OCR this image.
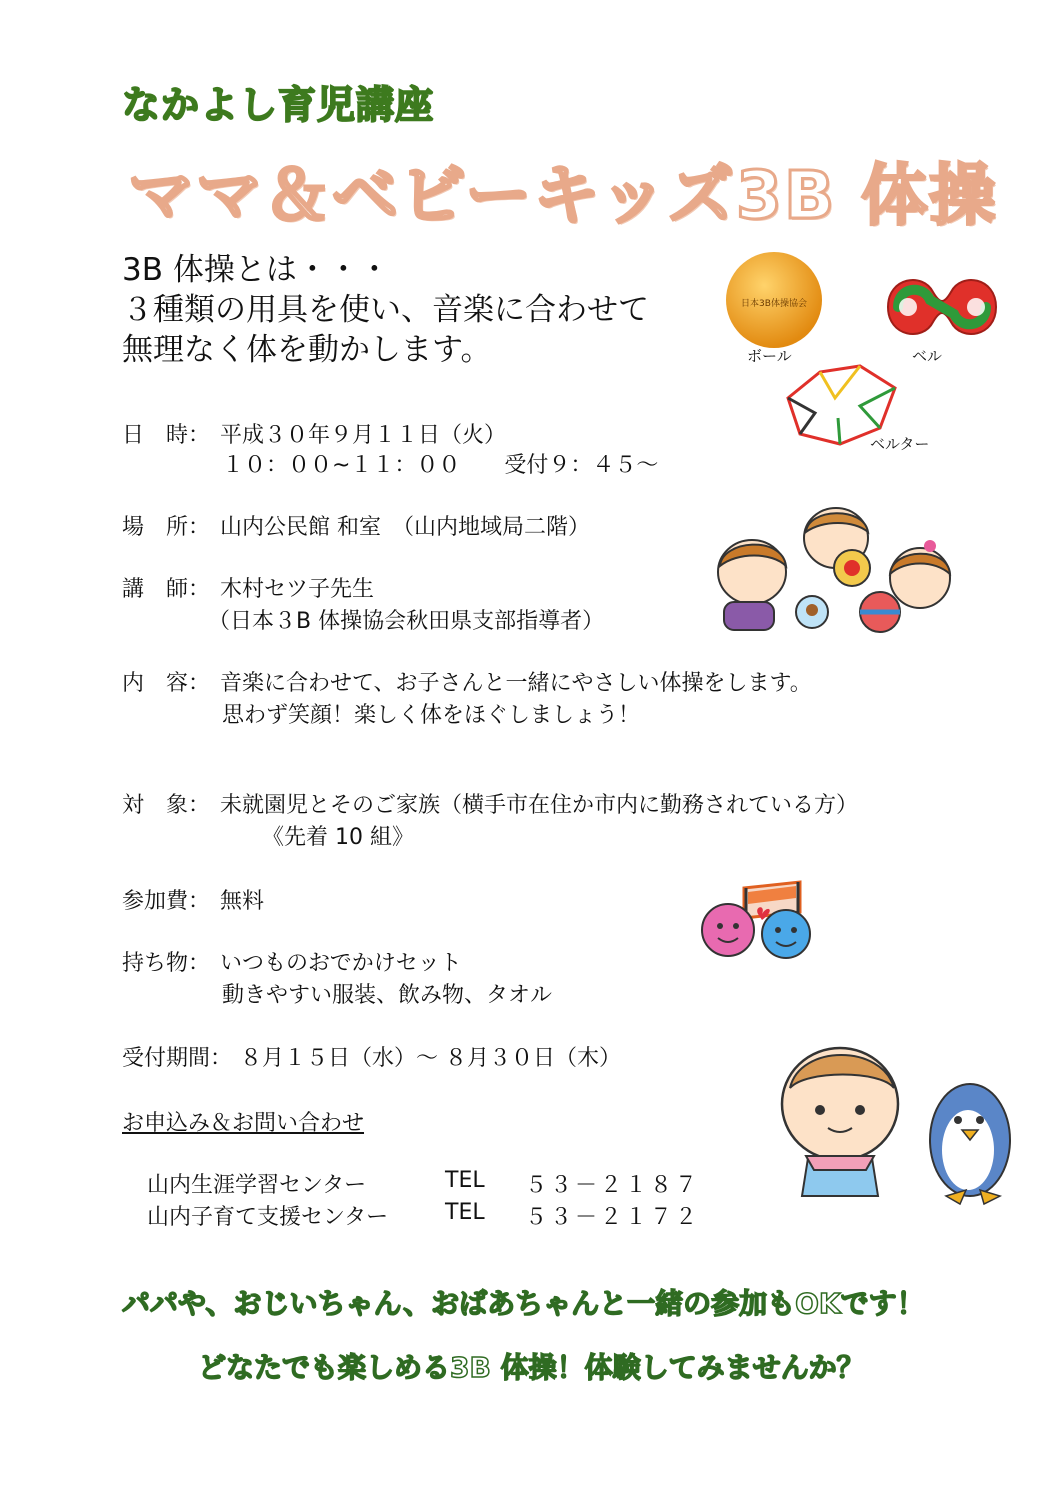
なかよし育児講座
ママ＆ベビーキッズ3B 体操
3B 体操とは・・・
３種類の用具を使い、音楽に合わせて
無理なく体を動かします。
日本3B体操協会
ボール	ベル
ベルター
日　時： 平成３０年９月１１日（火）
１０：００~１１：００　　受付９：４５～
場　所： 山内公民館 和室　（山内地域局二階）
講　師： 木村セツ子先生
（日本３B 体操協会秋田県支部指導者）
内　容： 音楽に合わせて、お子さんと一緒にやさしい体操をします。
思わず笑顔！楽しく体をほぐしましょう！
対　象： 未就園児とそのご家族（横手市在住か市内に勤務されている方）
《先着 10 組》
参加費： 無料
持ち物： いつものおでかけセット
動きやすい服装、飲み物、タオル
受付期間： ８月１５日（水）～ ８月３０日（木）
お申込み＆お問い合わせ
山内生涯学習センター	TEL ５３－２１８７
山内子育て支援センター	TEL ５３－２１７２
パパや、おじいちゃん、おばあちゃんと一緒の参加もOKです！
どなたでも楽しめる3B 体操！体験してみませんか？
